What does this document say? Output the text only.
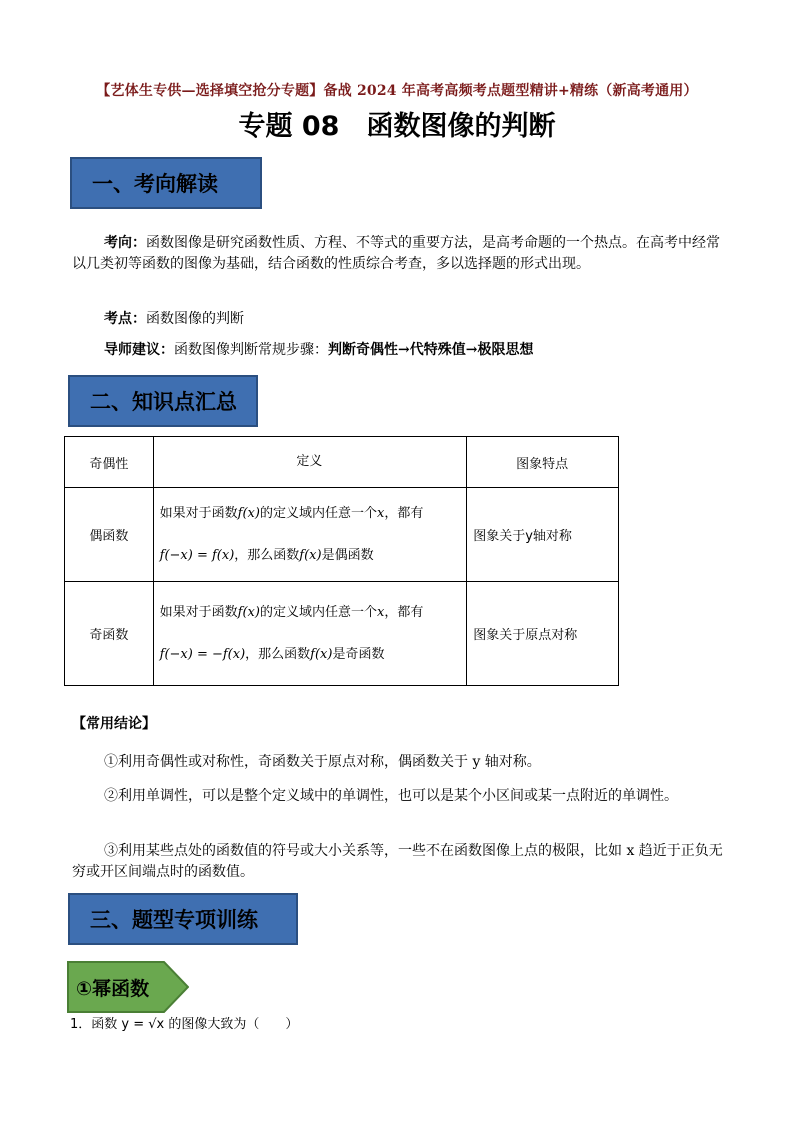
【艺体生专供—选择填空抢分专题】备战 2024 年高考高频考点题型精讲+精练（新高考通用）
专题 08　函数图像的判断
一、考向解读
考向：函数图像是研究函数性质、方程、不等式的重要方法，是高考命题的一个热点。在高考中经常以几类初等函数的图像为基础，结合函数的性质综合考查，多以选择题的形式出现。
考点：函数图像的判断
导师建议：函数图像判断常规步骤：判断奇偶性→代特殊值→极限思想
二、知识点汇总
奇偶性	定义	图象特点
偶函数	如果对于函数f(x)的定义域内任意一个x，都有
f(−x) = f(x)，那么函数f(x)是偶函数	图象关于y轴对称
奇函数	如果对于函数f(x)的定义域内任意一个x，都有
f(−x) = −f(x)，那么函数f(x)是奇函数	图象关于原点对称
【常用结论】
①利用奇偶性或对称性，奇函数关于原点对称，偶函数关于 y 轴对称。
②利用单调性，可以是整个定义域中的单调性，也可以是某个小区间或某一点附近的单调性。
③利用某些点处的函数值的符号或大小关系等，一些不在函数图像上点的极限，比如 x 趋近于正负无穷或开区间端点时的函数值。
三、题型专项训练
①幂函数
1．函数 y = √x 的图像大致为（　　）
